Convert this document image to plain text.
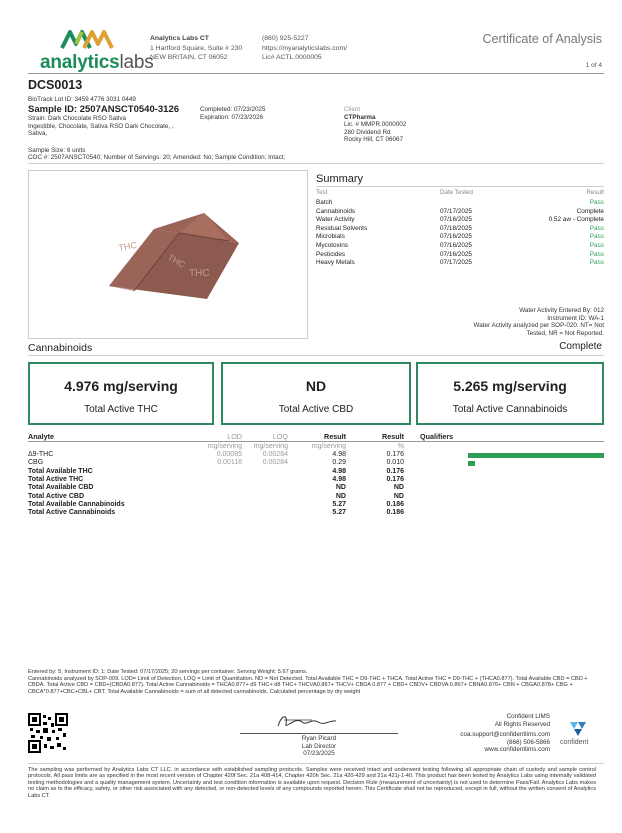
analyticslabs
Analytics Labs CT
1 Hartford Square, Suite # 230
NEW BRITAIN, CT 06052
(860) 925-5227
https://myanalyticslabs.com/
Lic# ACTL.0000005
Certificate of Analysis
1 of 4
DCS0013
BioTrack Lot ID: 3459 4776 3031 0449
Sample ID: 2507ANSCT0540-3126
Strain: Dark Chocolate RSO Sativa
Ingestible, Chocolate, Sativa RSO Dark Chocolate, ,
Sativa,
Completed: 07/23/2025
Expiration: 07/23/2026
Client
CTPharma
Lic. # MMPR.0000002
280 Dividend Rd
Rocky Hill, CT 06067
Sample Size: 6 units
COC #: 2507ANSCT0540; Number of Servings: 20; Amended: No; Sample Condition: Intact;
THC
THC
THC
Summary
Test	Date Tested	Result
Batch	Pass
Cannabinoids	07/17/2025	Complete
Water Activity	07/16/2025	0.52 aw - Complete
Residual Solvents	07/18/2025	Pass
Microbials	07/16/2025	Pass
Mycotoxins	07/16/2025	Pass
Pesticides	07/16/2025	Pass
Heavy Metals	07/17/2025	Pass
Water Activity Entered By: 012
Instrument ID: WA-1
Water Activity analyzed per SOP-020. NT= Not
Tested, NR = Not Reported.
Cannabinoids	Complete
4.976 mg/serving
Total Active THC
ND
Total Active CBD
5.265 mg/serving
Total Active Cannabinoids
Analyte	LOD	LOQ	Result	Result Qualifiers
mg/serving mg/serving	mg/serving	%
Δ9-THC	0.00085	0.00284	4.98	0.176
CBG	0.00116	0.00284	0.29	0.010
Total Available THC	4.98	0.176
Total Active THC	4.98	0.176
Total Available CBD	ND	ND
Total Active CBD	ND	ND
Total Available Cannabinoids	5.27	0.186
Total Active Cannabinoids	5.27	0.186
Entered by: 5; Instrument ID: 1; Date Tested: 07/17/2025; 20 servings per container. Serving Weight: 5.67 grams.
Cannabinoids analyzed by SOP-009. LOD= Limit of Detection, LOQ = Limit of Quantitation. ND = Not Detected. Total Available THC = D9-THC + THCA. Total Active THC = D9-THC + (THCA0.877). Total Available CBD = CBD + CBDA. Total Active CBD = CBD+(CBDA0.877). Total Active Cannabinoids = THCA0.877+ d9 THC+ d8 THC+ THCVA0.867+ THCV+ CBDA 0.877 + CBD+ CBDV+ CBDVA 0.867+ CBNA0.876+ CBN + CBGA0.878+ CBG + CBCA*0.877+CBC+CBL+ CBT. Total Available Cannabinoids = sum of all detected cannabinoids. Calculated percentage by dry weight
Ryan Picard
Lab Director
07/23/2025
Confident LIMS
All Rights Reserved
coa.support@confidentlims.com
(866) 506-5866
www.confidentlims.com
confident
The sampling was performed by Analytics Labs CT LLC. in accordance with established sampling protocols. Samples were received intact and underwent testing following all appropriate chain of custody and sample control protocols. All pass limits are as specified in the most recent version of Chapter 420f Sec. 21a 408-414, Chapter 420h Sec. 21a 420-429 and 21a 421j-1-40. This product has been tested by Analytics Labs using internally validated testing methodologies and a quality management system. Uncertainty and test condition information is available upon request. Decision Rule (measurement of uncertainty) is not used to determine Pass/Fail. Analytics Labs makes no claim as to the efficacy, safety, or other risk associated with any detected, or non-detected levels of any compounds reported herein. This Certificate shall not be reproduced, except in full, without the written consent of Analytics Labs CT.
